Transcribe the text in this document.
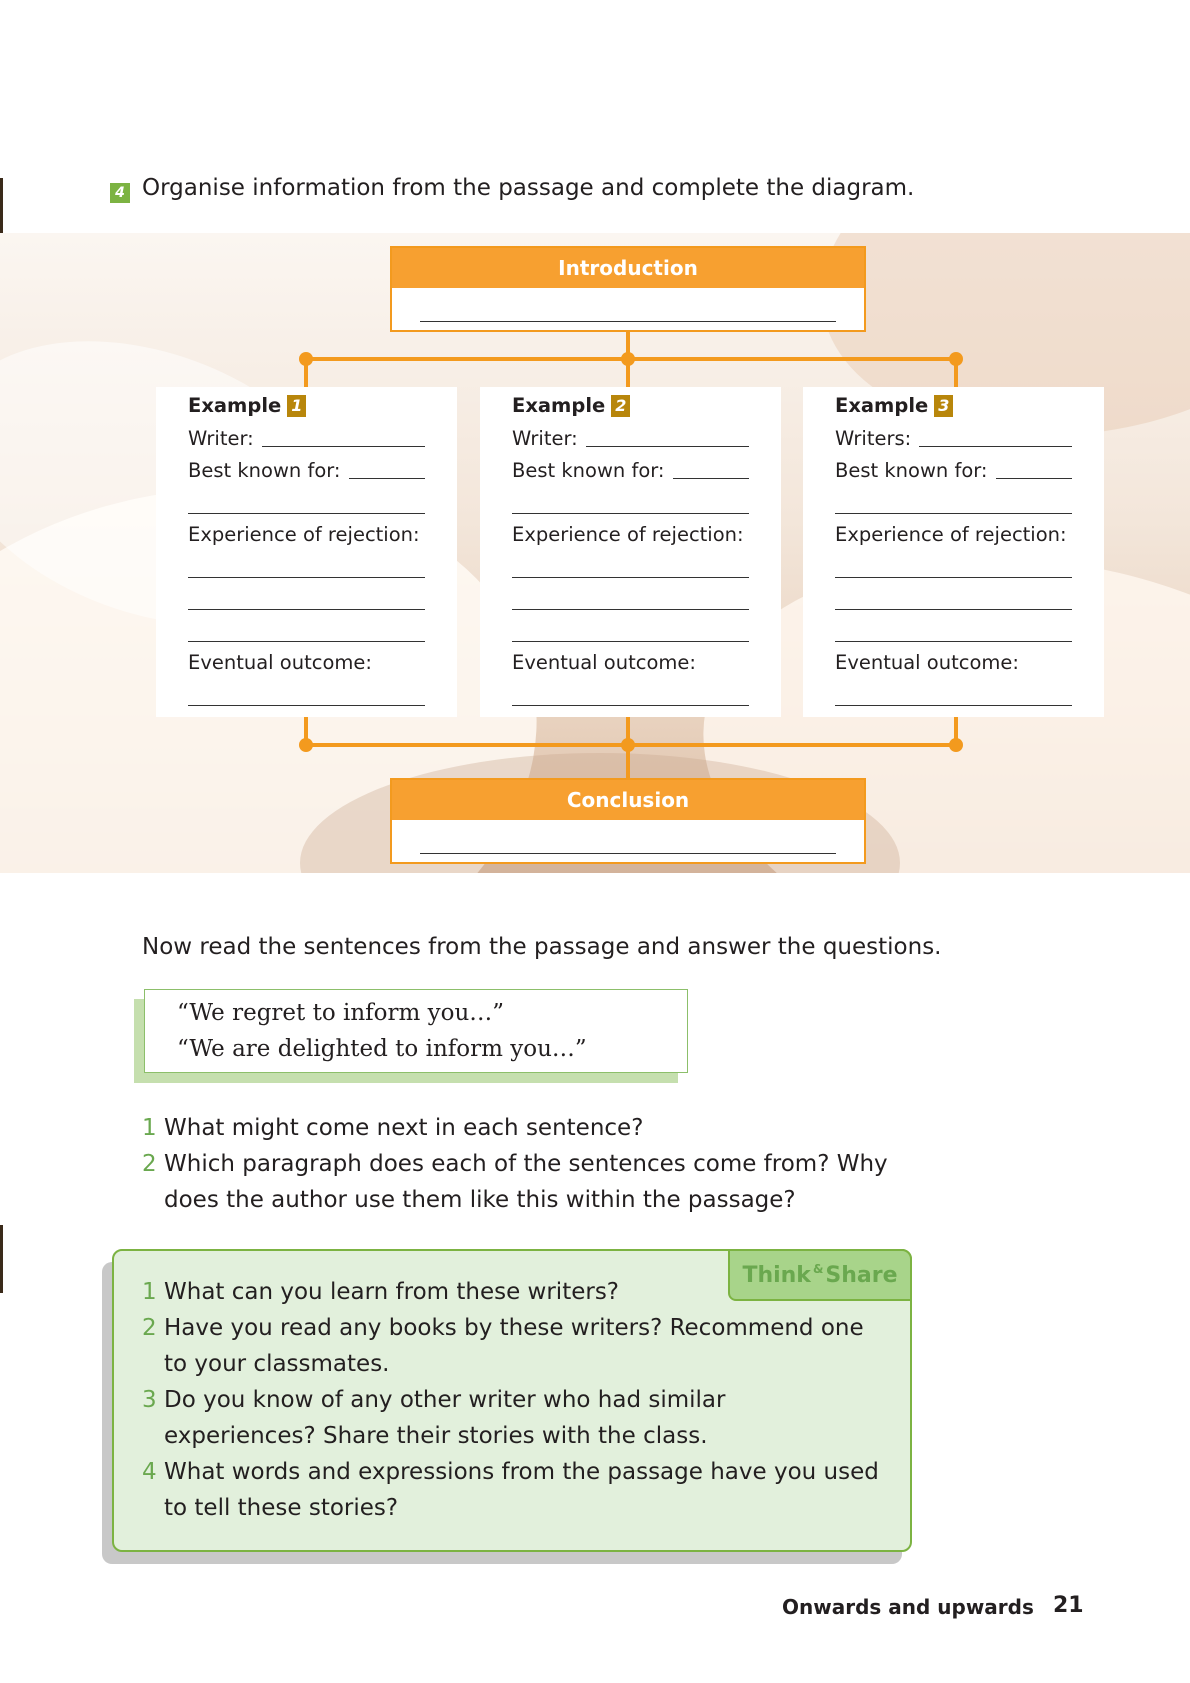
4 Organise information from the passage and complete the diagram.
Introduction
Example 1
Writer:
Best known for:
Experience of rejection:
Eventual outcome:
Example 2
Writer:
Best known for:
Experience of rejection:
Eventual outcome:
Example 3
Writers:
Best known for:
Experience of rejection:
Eventual outcome:
Conclusion
Now read the sentences from the passage and answer the questions.
“We regret to inform you…”
“We are delighted to inform you…”
1 What might come next in each sentence?
2 Which paragraph does each of the sentences come from? Why does the author use them like this within the passage?
Think & Share
1 What can you learn from these writers?
2 Have you read any books by these writers? Recommend one to your classmates.
3 Do you know of any other writer who had similar experiences? Share their stories with the class.
4 What words and expressions from the passage have you used to tell these stories?
Onwards and upwards 21
